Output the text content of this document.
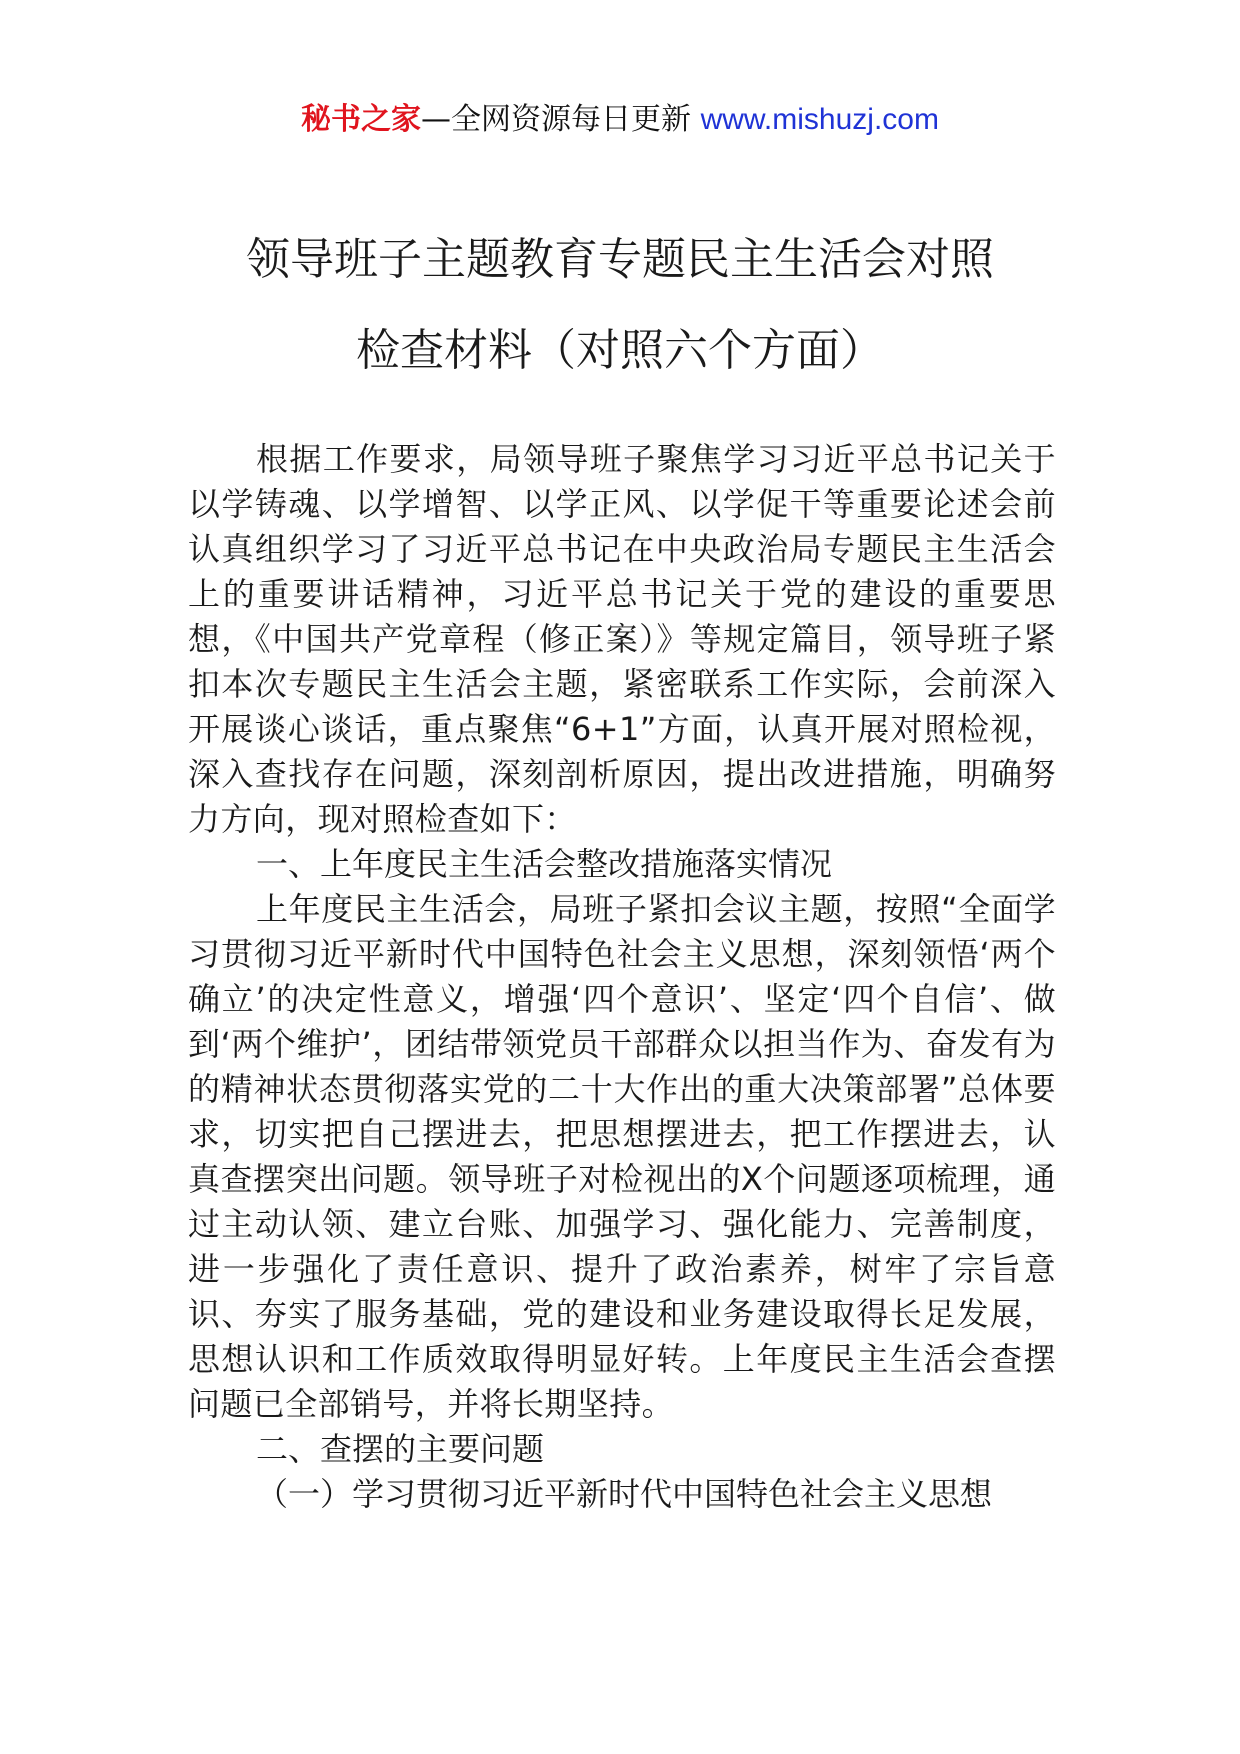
秘书之家—全网资源每日更新 www.mishuzj.com
领导班子主题教育专题民主生活会对照
检查材料（对照六个方面）

根据工作要求，局领导班子聚焦学习习近平总书记关于以学铸魂、以学增智、以学正风、以学促干等重要论述会前认真组织学习了习近平总书记在中央政治局专题民主生活会上的重要讲话精神，习近平总书记关于党的建设的重要思想，《中国共产党章程（修正案）》等规定篇目，领导班子紧扣本次专题民主生活会主题，紧密联系工作实际，会前深入开展谈心谈话，重点聚焦“6+1”方面，认真开展对照检视，深入查找存在问题，深刻剖析原因，提出改进措施，明确努力方向，现对照检查如下：

一、上年度民主生活会整改措施落实情况

上年度民主生活会，局班子紧扣会议主题，按照“全面学习贯彻习近平新时代中国特色社会主义思想，深刻领悟‘两个确立’的决定性意义，增强‘四个意识’、坚定‘四个自信’、做到‘两个维护’，团结带领党员干部群众以担当作为、奋发有为的精神状态贯彻落实党的二十大作出的重大决策部署”总体要求，切实把自己摆进去，把思想摆进去，把工作摆进去，认真查摆突出问题。领导班子对检视出的X个问题逐项梳理，通过主动认领、建立台账、加强学习、强化能力、完善制度，进一步强化了责任意识、提升了政治素养，树牢了宗旨意识、夯实了服务基础，党的建设和业务建设取得长足发展，思想认识和工作质效取得明显好转。上年度民主生活会查摆问题已全部销号，并将长期坚持。

二、查摆的主要问题

（一）学习贯彻习近平新时代中国特色社会主义思想
